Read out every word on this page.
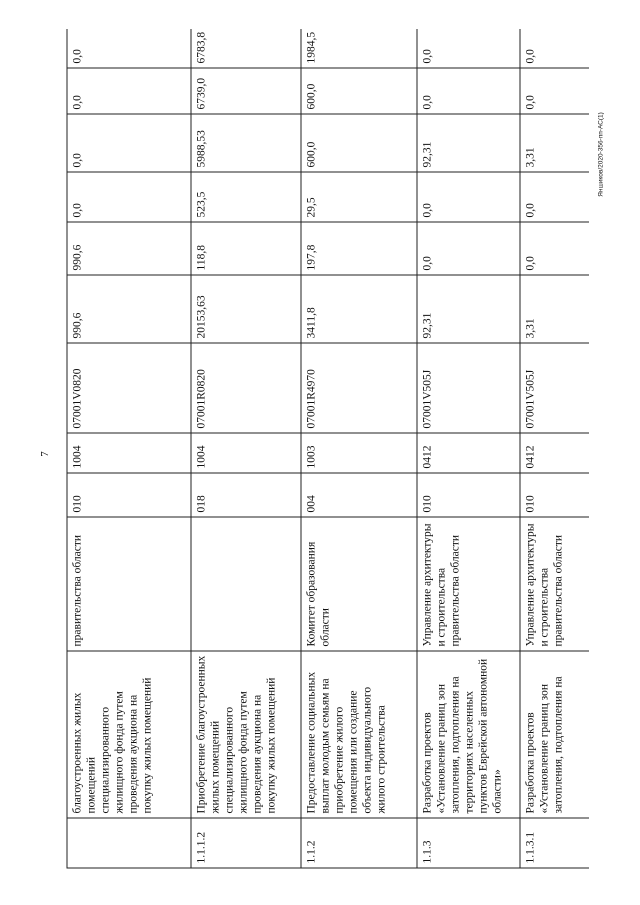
7
Яншиков/2020-356-пп-АС(1)
	благоустроенных жилых помещений специализированного жилищного фонда путем проведения аукциона на покупку жилых помещений	правительства области	010	1004	07001V0820	990,6	990,6	0,0	0,0	0,0	0,0
1.1.1.2	Приобретение благоустроенных жилых помещений специализированного жилищного фонда путем проведения аукциона на покупку жилых помещений		018	1004	07001R0820	20153,63	118,8	523,5	5988,53	6739,0	6783,8
1.1.2	Предоставление социальных выплат молодым семьям на приобретение жилого помещения или создание объекта индивидуального жилого строительства	Комитет образования области	004	1003	07001R4970	3411,8	197,8	29,5	600,0	600,0	1984,5
1.1.3	Разработка проектов «Установление границ зон затопления, подтопления на территориях населенных пунктов Еврейской автономной области»	Управление архитектуры и строительства правительства области	010	0412	07001V505J	92,31	0,0	0,0	92,31	0,0	0,0
1.1.3.1	Разработка проектов «Установление границ зон затопления, подтопления на	Управление архитектуры и строительства правительства области	010	0412	07001V505J	3,31	0,0	0,0	3,31	0,0	0,0
